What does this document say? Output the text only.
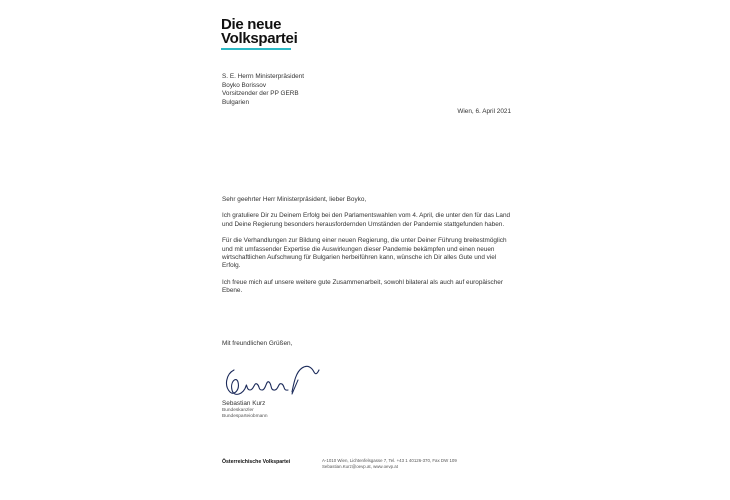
Die neue
Volkspartei
S. E. Herrn Ministerpräsident
Boyko Borissov
Vorsitzender der PP GERB
Bulgarien
Wien, 6. April 2021

Sehr geehrter Herr Ministerpräsident, lieber Boyko,

Ich gratuliere Dir zu Deinem Erfolg bei den Parlamentswahlen vom 4. April, die unter den für das Land und Deine Regierung besonders herausfordernden Umständen der Pandemie stattgefunden haben.

Für die Verhandlungen zur Bildung einer neuen Regierung, die unter Deiner Führung breitestmöglich und mit umfassender Expertise die Auswirkungen dieser Pandemie bekämpfen und einen neuen wirtschaftlichen Aufschwung für Bulgarien herbeiführen kann, wünsche ich Dir alles Gute und viel Erfolg.

Ich freue mich auf unsere weitere gute Zusammenarbeit, sowohl bilateral als auch auf europäischer Ebene.

Mit freundlichen Grüßen,
Sebastian Kurz
Bundeskanzler
Bundesparteiobmann
Österreichische Volkspartei	A-1010 Wien, Lichtenfelsgasse 7, Tel. +43 1 40126-370, Fax DW 109
Sebastian.Kurz@oevp.at, www.oevp.at
